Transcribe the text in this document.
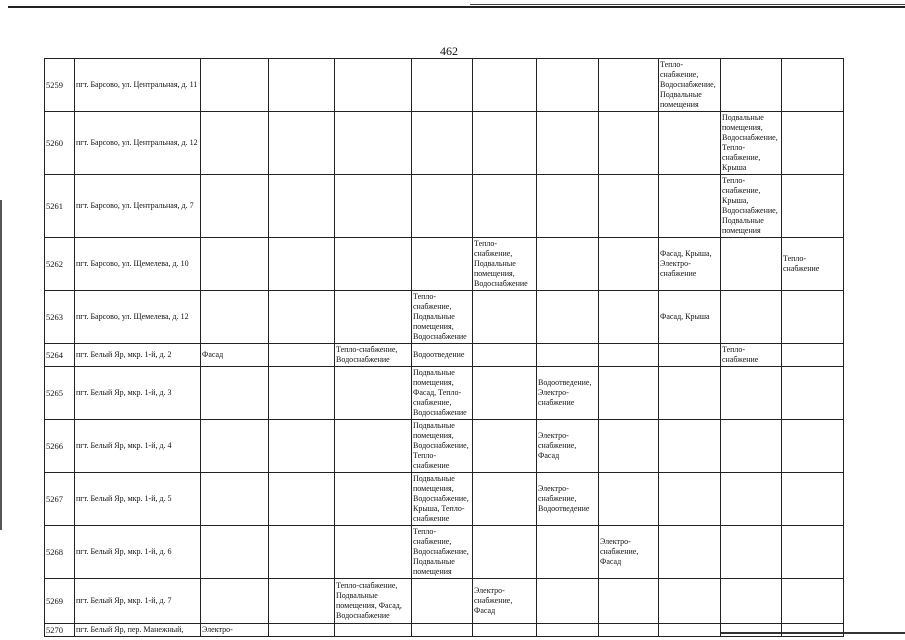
462
5259	пгт. Барсово, ул. Центральная, д. 11								Тепло-снабжение, Водоснабжение, Подвальные помещения		
5260	пгт. Барсово, ул. Центральная, д. 12									Подвальные помещения, Водоснабжение, Тепло-снабжение, Крыша	
5261	пгт. Барсово, ул. Центральная, д. 7									Тепло-снабжение, Крыша, Водоснабжение, Подвальные помещения	
5262	пгт. Барсово, ул. Щемелева, д. 10					Тепло-снабжение, Подвальные помещения, Водоснабжение			Фасад, Крыша, Электро-снабжение		Тепло-снабжение
5263	пгт. Барсово, ул. Щемелева, д. 12				Тепло-снабжение, Подвальные помещения, Водоснабжение				Фасад, Крыша		
5264	пгт. Белый Яр, мкр. 1-й, д. 2	Фасад		Тепло-снабжение, Водоснабжение	Водоотведение					Тепло-снабжение	
5265	пгт. Белый Яр, мкр. 1-й, д. 3				Подвальные помещения, Фасад, Тепло-снабжение, Водоснабжение		Водоотведение, Электро-снабжение				
5266	пгт. Белый Яр, мкр. 1-й, д. 4				Подвальные помещения, Водоснабжение, Тепло-снабжение		Электро-снабжение, Фасад				
5267	пгт. Белый Яр, мкр. 1-й, д. 5				Подвальные помещения, Водоснабжение, Крыша, Тепло-снабжение		Электро-снабжение, Водоотведение				
5268	пгт. Белый Яр, мкр. 1-й, д. 6				Тепло-снабжение, Водоснабжение, Подвальные помещения			Электро-снабжение, Фасад			
5269	пгт. Белый Яр, мкр. 1-й, д. 7			Тепло-снабжение, Подвальные помещения, Фасад, Водоснабжение		Электро-снабжение, Фасад					
5270	пгт. Белый Яр, пер. Манежный,	Электро-									
